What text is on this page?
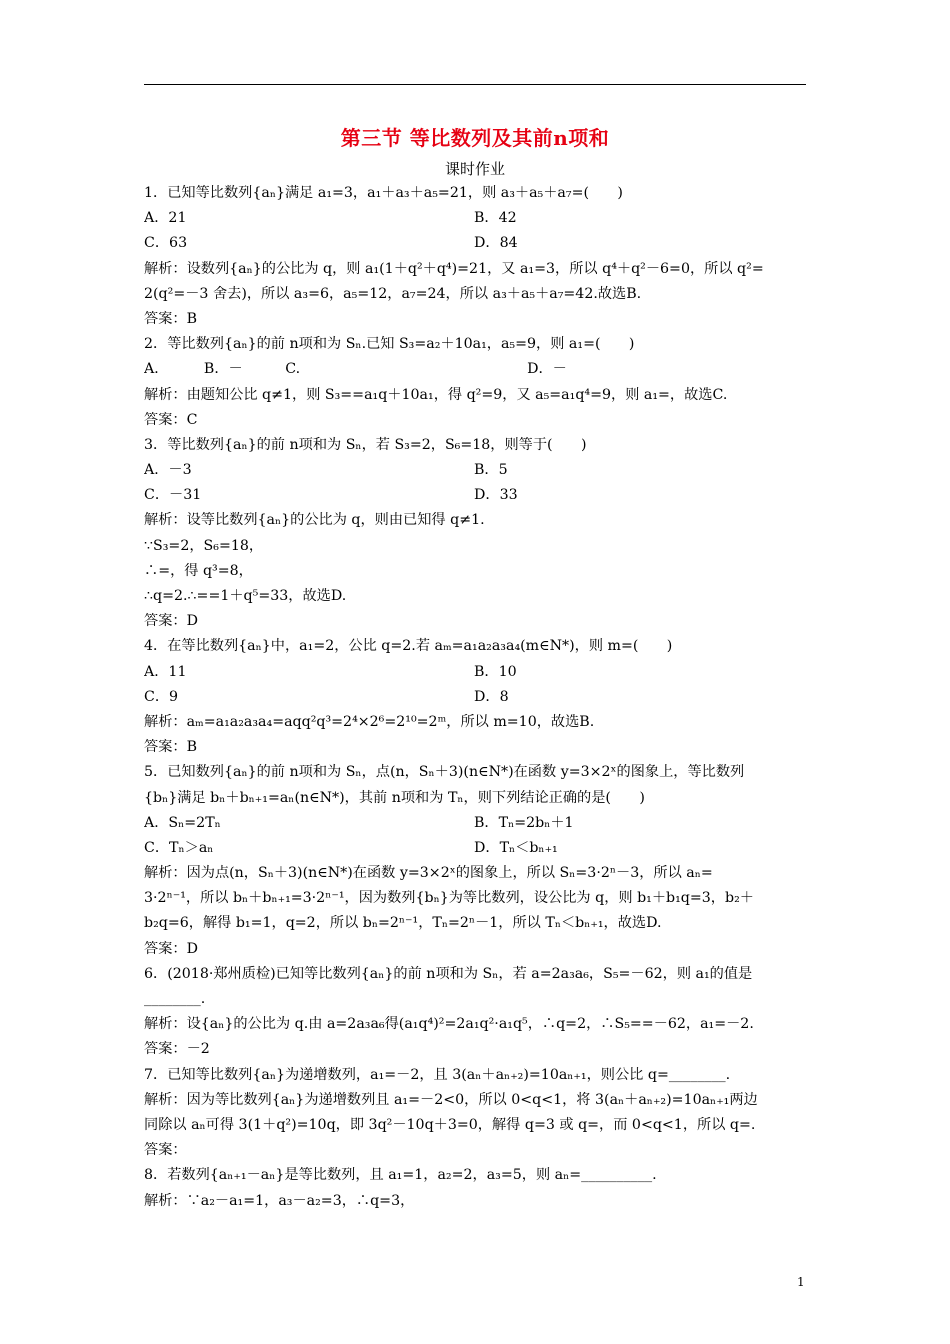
第三节 等比数列及其前n项和
课时作业
1．已知等比数列{aₙ}满足 a₁=3，a₁＋a₃＋a₅=21，则 a₃＋a₅＋a₇=(　　)
A．21	B．42
C．63	D．84
解析：设数列{aₙ}的公比为 q，则 a₁(1＋q²＋q⁴)=21，又 a₁=3，所以 q⁴＋q²－6=0，所以 q²=
2(q²=－3 舍去)，所以 a₃=6，a₅=12，a₇=24，所以 a₃＋a₅＋a₇=42.故选B.
答案：B
2．等比数列{aₙ}的前 n项和为 Sₙ.已知 S₃=a₂＋10a₁，a₅=9，则 a₁=(　　)
A．　　　B．－　　　C.　　　　　　　　　　　　　　　　D．－
解析：由题知公比 q≠1，则 S₃==a₁q＋10a₁，得 q²=9，又 a₅=a₁q⁴=9，则 a₁=，故选C.
答案：C
3．等比数列{aₙ}的前 n项和为 Sₙ，若 S₃=2，S₆=18，则等于(　　)
A．－3	B．5
C．－31	D．33
解析：设等比数列{aₙ}的公比为 q，则由已知得 q≠1.
∵S₃=2，S₆=18，
∴=，得 q³=8，
∴q=2.∴==1＋q⁵=33，故选D.
答案：D
4．在等比数列{aₙ}中，a₁=2，公比 q=2.若 aₘ=a₁a₂a₃a₄(m∈N*)，则 m=(　　)
A．11	B．10
C．9	D．8
解析：aₘ=a₁a₂a₃a₄=aqq²q³=2⁴×2⁶=2¹⁰=2ᵐ，所以 m=10，故选B.
答案：B
5．已知数列{aₙ}的前 n项和为 Sₙ，点(n，Sₙ＋3)(n∈N*)在函数 y=3×2ˣ的图象上，等比数列
{bₙ}满足 bₙ＋bₙ₊₁=aₙ(n∈N*)，其前 n项和为 Tₙ，则下列结论正确的是(　　)
A．Sₙ=2Tₙ	B．Tₙ=2bₙ＋1
C．Tₙ＞aₙ	D．Tₙ＜bₙ₊₁
解析：因为点(n，Sₙ＋3)(n∈N*)在函数 y=3×2ˣ的图象上，所以 Sₙ=3·2ⁿ－3，所以 aₙ=
3·2ⁿ⁻¹，所以 bₙ＋bₙ₊₁=3·2ⁿ⁻¹，因为数列{bₙ}为等比数列，设公比为 q，则 b₁＋b₁q=3，b₂＋
b₂q=6，解得 b₁=1，q=2，所以 bₙ=2ⁿ⁻¹，Tₙ=2ⁿ－1，所以 Tₙ＜bₙ₊₁，故选D.
答案：D
6．(2018·郑州质检)已知等比数列{aₙ}的前 n项和为 Sₙ，若 a=2a₃a₆，S₅=－62，则 a₁的值是
________.
解析：设{aₙ}的公比为 q.由 a=2a₃a₆得(a₁q⁴)²=2a₁q²·a₁q⁵，∴q=2，∴S₅==－62，a₁=－2.
答案：－2
7．已知等比数列{aₙ}为递增数列，a₁=－2，且 3(aₙ＋aₙ₊₂)=10aₙ₊₁，则公比 q=________.
解析：因为等比数列{aₙ}为递增数列且 a₁=－2<0，所以 0<q<1，将 3(aₙ＋aₙ₊₂)=10aₙ₊₁两边
同除以 aₙ可得 3(1＋q²)=10q，即 3q²－10q＋3=0，解得 q=3 或 q=，而 0<q<1，所以 q=.
答案：
8．若数列{aₙ₊₁－aₙ}是等比数列，且 a₁=1，a₂=2，a₃=5，则 aₙ=__________.
解析：∵a₂－a₁=1，a₃－a₂=3，∴q=3，
1
